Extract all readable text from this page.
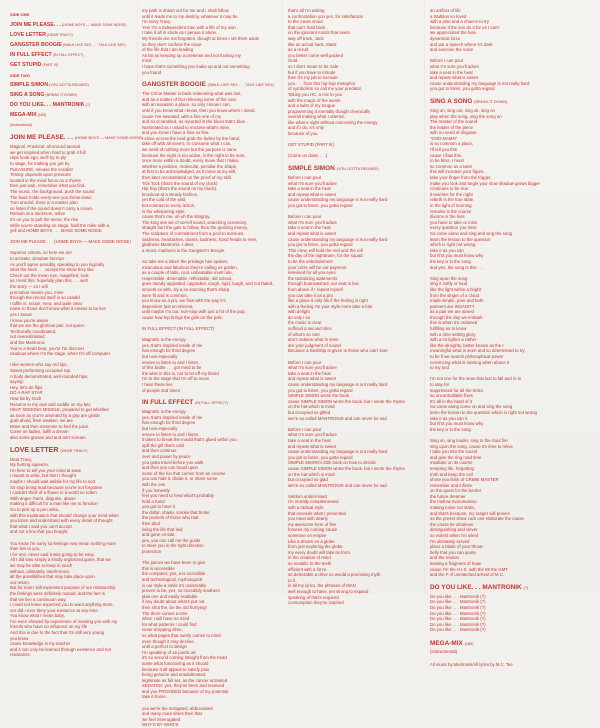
SIDE ONE
JOIN ME PLEASE. . . (HOME BOYS — MAKE SOME NOISE)
LOVE LETTER (DEAR TRACY)
GANGSTER BOOGIE (WALK LIKE SEX . . . TALK LIKE SEX)
IN FULL EFFECT (IN FULL EFFECT)
GET STUPID (PART III)
SIDE TWO
SIMPLE SIMON (YOU GOTTA REGARD)
SING A SONG (BREAK IT DOWN)
DO YOU LIKE. . . MANTRONIK (?)
MEGA-MIX (185)
(instrumental)
JOIN ME PLEASE. . . (HOME BOYS — MAKE SOME NOISE)
Magical, Practical, all around tactical
we get inspired when hard to grab it full
Hips hook ego, we'll try to ply
to stage, for making you get by
PLEASURE, release the vocalist
Timing: depends upon pressure
located in the mind focus on a rhyme
then just wait, remember what you find.
The music, the background, push the sound
The bass holds every-one you throw down
Turn around, there is a master plan
so listen if the sound doesn't carry a crown.
Remain at a minimum, relive
it's on you to pull the nerve, the rise
while you're standing on stage, hold the mike with a
yell and HOME BOYS . . . MAKE SOME NOISE

JOIN ME PLEASE . . . (HOME BOYS — MAKE SOME NOISE)

Superior criteria, so here we are
to activate, simulate hurrays
As you'll agree possibly, speaking to you logically
what the heck . . . accept the show they like
Check out the mean eye, magnified, look
as I lend this, hopefully plan this . . . well
the story — so I will
promotion means you, mine
through the record itself is so candid
I tuffle in, scope, mea, and quite clear
name to those don't know what it means to be live
yes I swear
I know you're aware
that we are the glorious pair, not queer.
Technically coordinated,
not overestimated
and the Mantronix
You're a heart beat, you're I'm discreet
cautious where I'm the stage, when I'm off computer.

I like women who say red lips,
Sweat performing occupied rap
A body demonstrated, well rounded hips,
saying:
Hey, let's do flips
DO A RAP STAR
How fat by God!
Resume to my own and cuddle on my bar,
HEAT SEEKING MISSILE, prepared to get whistled
as soon as you're anointed by a grip are gristle
grab ahold, then weaken, we are
Move and then someone to feel the juice.
Come on ladies, fulfill a dream
also some grease and and ain't scream.
LOVE LETTER (DEAR TRACY)
Dear Tracy,
My hurting squeeze,
I'm here to tell you your mind at ease
I meant to write, but then I thought
maybe I should wait awhile for my life to sort.
So stop being mad because you're not forgotten
I couldn't think of a flower in a world so rotten
With anger, harm, disguise, abuse
making it difficult for a man like me to function
Go to pick up a pen write,
with this explanation that should change your mind when
you listen and understand with every detail of thought
that what I said you can't accept
and not a line that you bought.

You know I'm sorry so feelings now mean nothing more
than lies to you,
I for one, never said it was going to be easy.
All I did was simply a kindly organized guise, that we
we may be able to keep in touch
without, ultimately, interference
all the possibilities that may take place upon
our return.
But for now I will expressed purpose of our relationship
the feelings were definitely mutual, and the fact is
that we live a continuum way.
I could not leave expected you to want anything more,
nor did I ever deny your existence at any time.
You know what I mean baby,
I've even showed by experience of meeting you with my
friends who have no influence on my life
And this is due to the fact that I'm still very young
you know
cause knowledge is my teacher
and it can only be learned through existence and not
resistance.
my path is drawn out for me and I shall follow
until it leads me to my destiny, whatever it may be
I'm sorry Tracy,
Yes! I'm a independent man with a life of my own
I take it all in stride as I peruse it alone.
My friends are not forgotten, though at times I set them aside
so they don't confuse the issue
of the life that I am leading
As far as keeping up a pretense and not fucking my
mind
I hope that's something you make up and not something
you found.
GANGSTER BOOGIE (WALK LIKE SEX . . . TALK LIKE SEX)
The Crime Master is back redeeming what was lost,
and as a matter of fact relieving some of the cost,
with an assassin a place, so only I know I can,
until if you know what I know, then you know where I stand,
cause I've sweated, with a fine one of my
and so scrambled, as reported in the blues that's blue.
Nominated as I unlaid to enclose what's mine,
and you know I have a flow so fine.
I shine across the land grab the ladies by the hand,
take off with all mine's, to consume what I can,
we need of nothing more but the purpose is sane,
because the night is too active, is the night to be sure,
once more within a doubt, every move that I make,
whether a position, molecular, peculiar the shape,
at first to be acknowledged, as it move at my will,
then later reconstituted on the proof of my skill.
Tick Tock (that's the sound of my clock)
Hip hop (that's the sound on my block),
knockout at a steady fashion,
yet the cold of the wild,
but contrast to every action,
is the whispering style,
cause that's me, uh-uh the stingray.
The king one we of sorrell sound, searching ceremony,
straight hurt the gals to follow, then the gushing money,
The sculpture of commitment from a pool to avenues,
saidness, heartaches, drama, badness, hand heads to rese,
gladness Mantronix. I dear,
a music madness is the Gangster's Boogie.

So take me a token the privilege has spoken,
miraculous and fabulous they're calling us golden,
as a couple of tabs, cool, unbeatable must rule,
respectable, detectable, reflectable, old school,
goes steady upgraded, upgraded, rough, rigid, tough, and not faded,
smooth so with, sly a so stunning that's sharp
were fit and is common,
you know as a pro, we flow with the way it's
dependent fast on interest,
until maybe I'm out, non-stop with just a hit of the pop,
cause how hip brings the girls on the pole.

IN FULL EFFECT (IN FULL EFFECT)

Magnetic is the energy
yes, that's inspired inside of me
has enough for third degree
but now especially
emcee to listen to and I listen,
of this battle . . . got mind to be
the wise in this is, not to let off my blood
I'm in the stage that I'm off to move
I hear these lies
of people and times
IN FULL EFFECT (IN FULL EFFECT)
Magnetic is the energy
yes, that's inspired inside of me
has enough for third degree
but now especially
emcee to listen to and I listen,
it takes to break the mould that's glued within you
spill the gill that's cold
and then continue
over and power by peace
you gotta travel before you walk
and then you can boast upon
some of the fun that comes from an income
you can hide it, divide it, or share some
with the one
if you honestly
feel you need to feed what's probably
hold a hand
you got to have it
the dollar, shade, smoke that broke
the pockets of those who had
then died
living the life that lied
and gone on tide,
yes, you can call me the guide
to steer you in the right direction
protection

The pieces we have been to give
this is accessible
the computer, yes, a is incredible
and technological, mythological
is our style a smile it's undeniably
proven to be, yes, so incredibly southern
plan one and easily readable
if any doubt about what's put out
then shut the, be the old hurrying!
The there comes a time
when I will have no mind
for what patterns I could find
never dropping dime,
so what pages that surely comes to mind
even though it may decline
until a perfect to design
I'm speaking of an poetic air
it's so second coming straight from the heart
some what functioning as it should
because it all appeal to satisfy plus
being genuine and unadulterated
legitimate as full set, as the cancer activated
SEDATED: yes, they've been and received
and you PROVIDED because of my potential
take it home . . .

you we're the instigated, abbreviated
and many more times then that
we feel interrogated
WHY'S BY WHO'S
that's all I'm asking
a confrontation you yes, for satisfaction
to the mean snout
that can't hold back
on the ignorant minds that seem
way off track, Jack
like an actual hack, Mack
as a result,
you better come well packed
Gold
so I don't mean to be rude
but if you have to intrude
then it's my job to exclude
you . . . from this hip-hop metaphor
of symbolism so call me your predator.
Taking you HC, a mic to you
with the magic of the words
and a twist of my tongue
programming it mentally though chemically
overall making what I uttered,
like what a night without conceiving the energy
and if I do, it's only
because of you

GET STUPID (PART III)

(Come on down . . .)
SIMPLE SIMON (YOU GOTTA REGARD)
Before I can pour
what I'm sure you'll adore
take a seat in the heat
and repeat what is sweet
cause understanding my language is not really hard
you got to listen, you gotta regard

Before I can pour
what I'm sure you'll adore
take a seat in the heat
and repeat what is sweet
cause understanding my language is not really hard
you got to listen, you gotta regard
This crew, will hold the reel and the roll
the day of the nightmare, for the squad
to be the entertainment
your circle will be our payment
televised for all you eyes
the tantalizing statements
through brainwashed, our seat is low
from above if I repeat myself
you can take it as a pro
like a glove it only fits if the feeling is right
with a feeling I'm your style more take a bite
with delight
do only I so
the music is clear
sufficed a second slice
of what's so rare
don't redeem what is seen
are your judgment of sound
Because a hardship is given to those who can't lose

Before I can pour
what I'm sure you'll adore
take a seat in the heat
and repeat what is sweet
cause understanding my language is not really hard
you got to listen, you gotta regard
SIMPLE SIMON wrote the book
cause SIMPLE SIMON wrote the book, but I wrote the rhyme
on the hat which is mind
but occupied so gifted
we're so called MANTRONIX and can never be sad

Before I can pour
what I'm sure you'll adore
take a seat in the heat
and repeat what is sweet
cause understanding my language is not really hard
you got to listen, you gotta regard
SIMPLE SIMON's little book on how to decide
cause SIMPLE SIMON wrote the book, but I wrote the rhyme
on the hat which is mind
but occupied so glad
we're so called MANTRONIX and can never be sad

Seldom undermined
I'm morally complemented
with a radical style
that exceeds what I presented
you meet with dearly
my awesome form of fine
forsees my coming cause
someone on empire
Like a dream on a globe
from just exploring the globe
my every doubt will take its form
in the creation of mind
so metallic to the teeth
efficient with a force
so delectable a drive so would a promising myth
to it
in all my lyrics, the phrases of MAN
well enough to have, yet strong to expand
speaking of that's required
consumption they've inspired
an artifact of life
a tradition so loved
with a plan and a chance to try
because if the son do it for us I can't
we appreciated the fuse
dynamical force
and put a speech where it's dark
and exercise the voice

Before I can pour
what I'm sure you'll adore
take a seat in the heat
and repeat what is sweet
cause understanding my language is not really hard
you got to listen, you gotta regard
SING A SONG (BREAK IT DOWN)
Sing on, sing out, sing ok, sing on
play when the song, sing the song on
The master of the sound
the leader of the piece
with no need of disguise
"GOD-DAMN"
is so common a place,
I'll tell you this
cause I flaw this,
to be bliss, I must
so common as a twist
this will increase your figure,
take your finger from the trigger,
make you look and begin your slow shadow grows bigger
continues to be true
it teaches for the night
rebirth is the true state
in the light of morning
remains is the course
divorce is the loss
you have to take or miss
every question you miss
So come alone and sing and sing the song
learn the lesson to the question
which is right not wrong
take it as you can
but first you must know why
the key is in the song
and yes, the song is this . . .

Sing upon the song
sing it softly or loud
like the light within a bright
from the singer of a cloud
made simple, poet and both
partners are INSANITY
as a pair we are aimed
through the day we embark
this is when it's ordained
fulfilling us to know
with a time setting glory
with a lot lighter a rather
like the almighty, better known as the I
meaningful what is seen and so determined to try
to be if we search philosophical power
convincing what is missing when above it
to my lord

I'm not one for the seas that lost to fall and in to
to stay for
suppressed for all the tricks
so uncontrollable fixes
It's all in the hand of it
So come along come on and sing the song
learn the lesson to the question which is right not wrong
take it as you can it
but first you must know why
the key is in the song

Sing on, sing louder, sing to the Soul fire
sing upon the song, cause it's time to relive
I take you into the sound
and give the ring road time
meditate on its course
tempting life, forgetting
truth and keep the evil
shore you think of CRIME MASTER
remember and infinite
on the quest for the border
the future dreamer
the mellow monomaniac
making noise not static,
and that's because, my ranger will proves
so the preset show curb one elaborate the cause
the cause be whatever
distinguishing and clever
so violent when I'm silent
I'm ultimately served
place a blade of your throat
belly that you can quote
and the reason
leaving a fragment of hope
cause I'm the H.I.S. with the MI the GMT
and the F of unmatched arrival of M.C.
DO YOU LIKE. . . MANTRONIK (?)
Do you like . . . Mantronik (?)
Do you like . . . Mantronik (?)
Do you like . . . Mantronik (?)
Do you like . . . Mantronik (?)
Do you like . . . Mantronik (?)
Do you like . . . Mantronik (?)
Do you like . . . Mantronik (?)
MEGA-MIX (185)
(instrumental)
All music by Mantronik/All lyrics by M.C. Tee
